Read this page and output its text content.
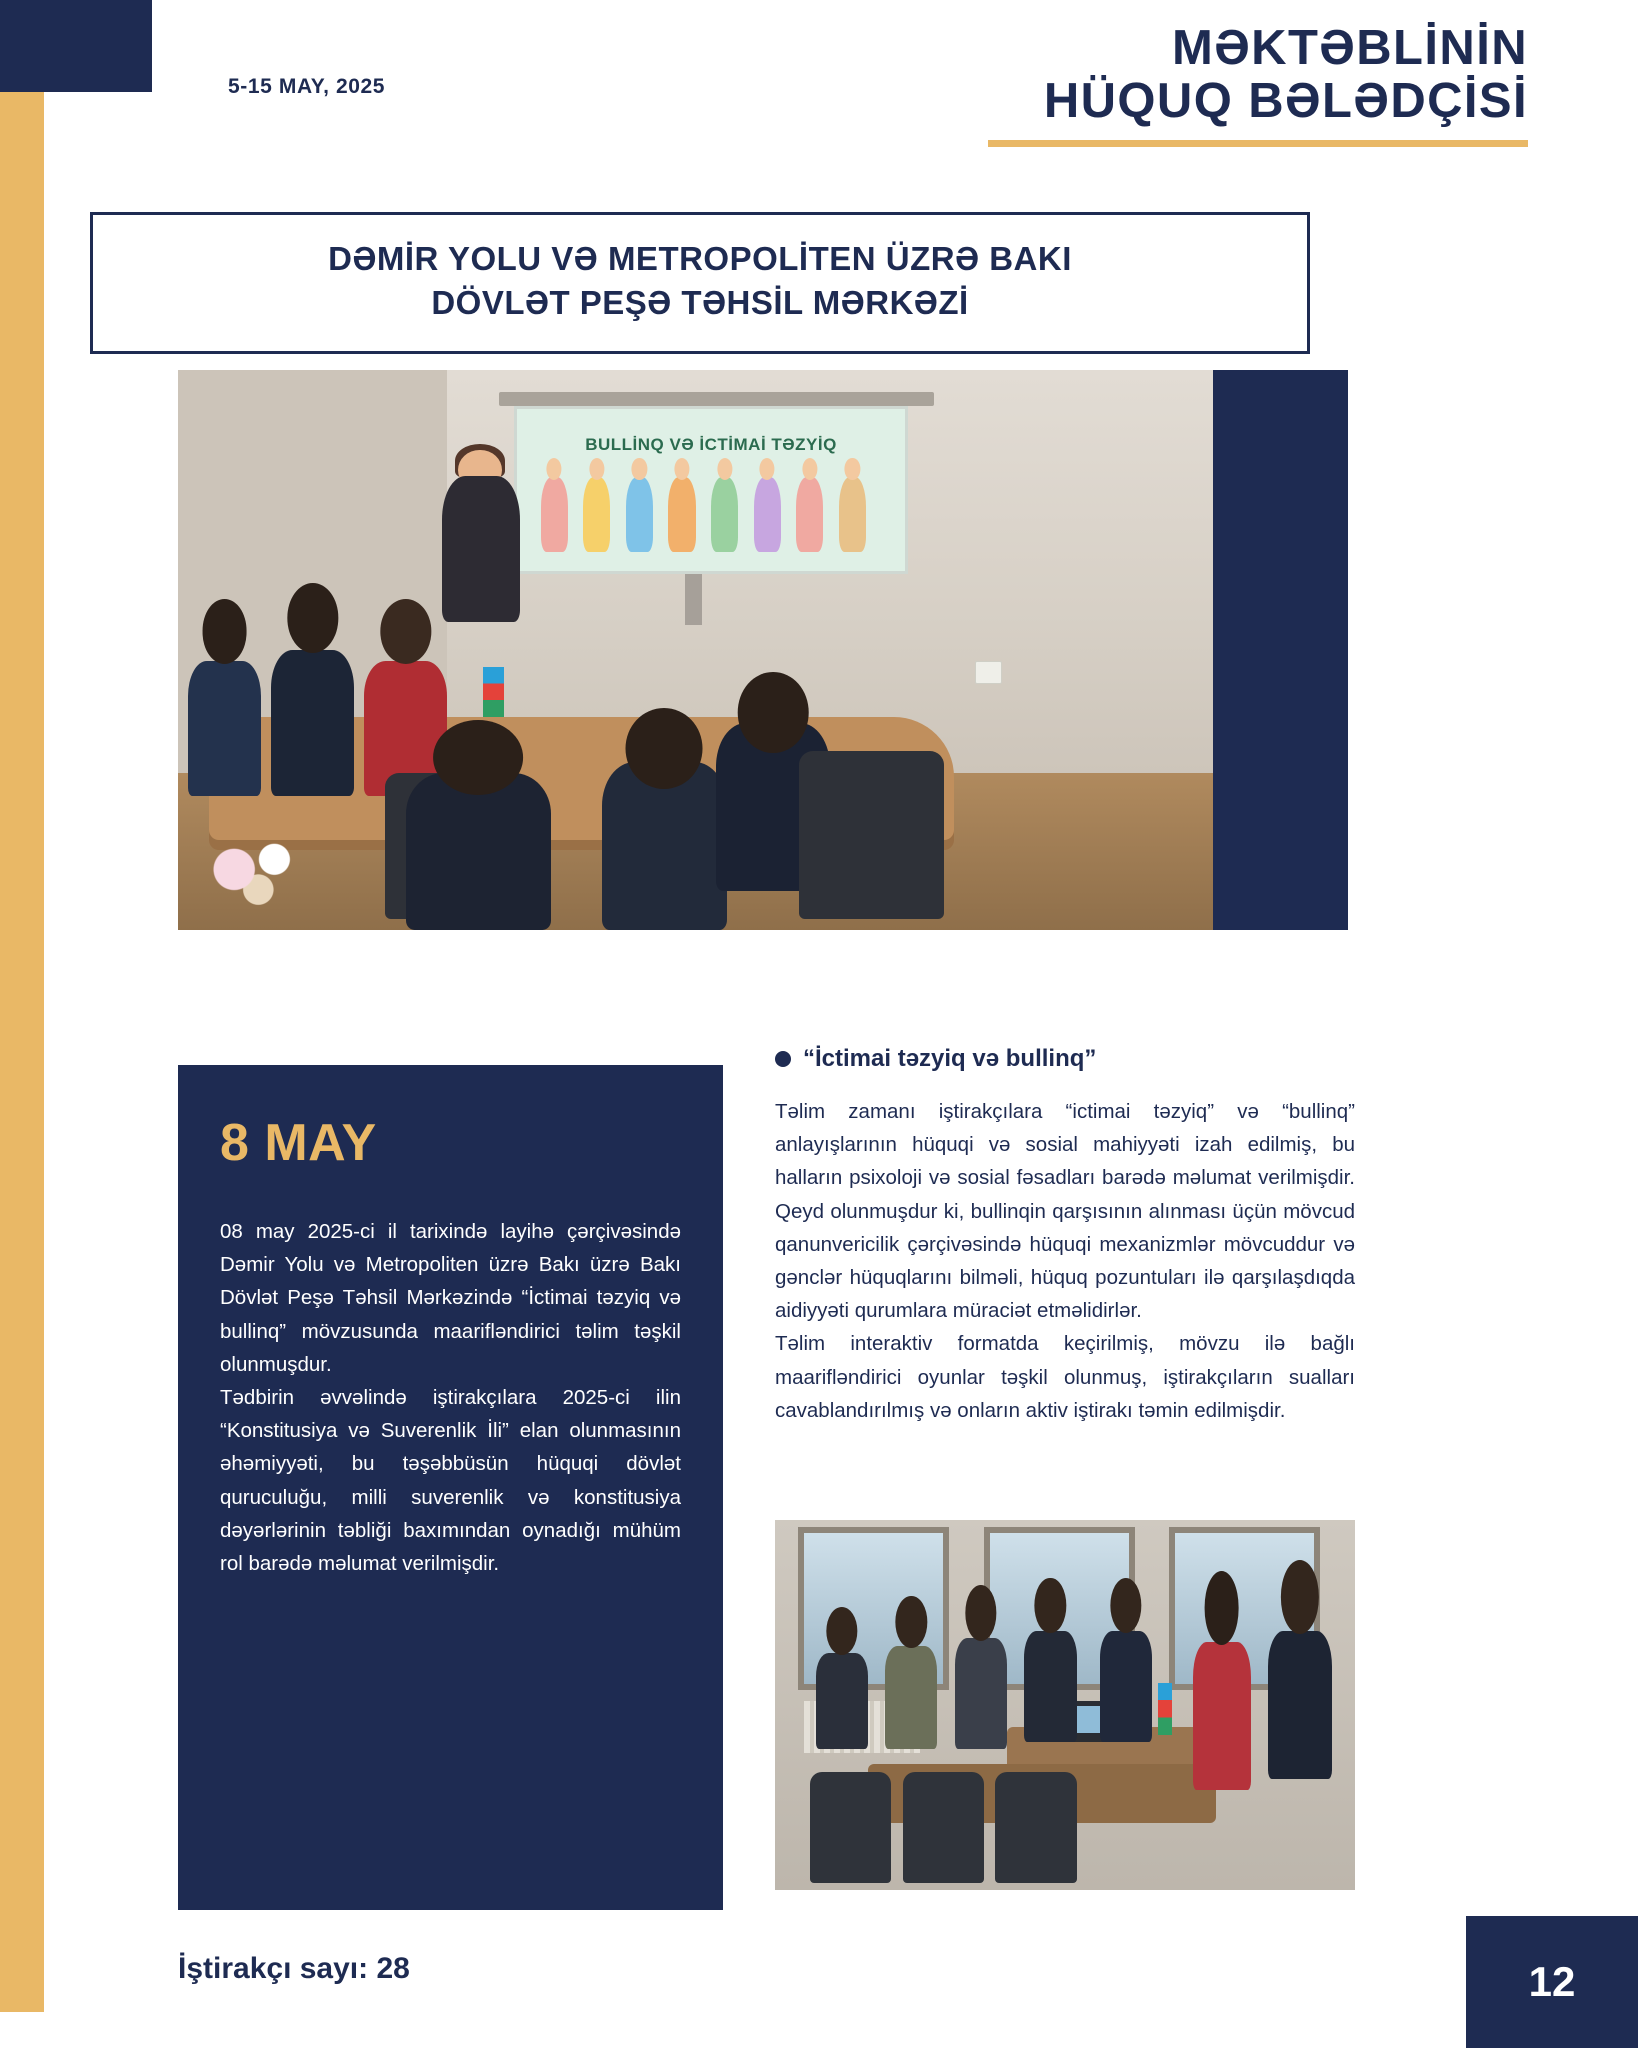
5-15 MAY, 2025
MƏKTƏBLİNİN
HÜQUQ BƏLƏDÇİSİ
DƏMİR YOLU VƏ METROPOLİTEN ÜZRƏ BAKI
DÖVLƏT PEŞƏ TƏHSİL MƏRKƏZİ
BULLİNQ VƏ İCTİMAİ TƏZYİQ
8 MAY

08 may 2025-ci il tarixində layihə çərçivəsində Dəmir Yolu və Metropoliten üzrə Bakı üzrə Bakı Dövlət Peşə Təhsil Mərkəzində “İctimai təzyiq və bullinq” mövzusunda maarifləndirici təlim təşkil olunmuşdur.

Tədbirin əvvəlində iştirakçılara 2025-ci ilin “Konstitusiya və Suverenlik İli” elan olunmasının əhəmiyyəti, bu təşəbbüsün hüquqi dövlət quruculuğu, milli suverenlik və konstitusiya dəyərlərinin təbliği baxımından oynadığı mühüm rol barədə məlumat verilmişdir.

“İctimai təzyiq və bullinq”

Təlim zamanı iştirakçılara “ictimai təzyiq” və “bullinq” anlayışlarının hüquqi və sosial mahiyyəti izah edilmiş, bu halların psixoloji və sosial fəsadları barədə məlumat verilmişdir. Qeyd olunmuşdur ki, bullinqin qarşısının alınması üçün mövcud qanunvericilik çərçivəsində hüquqi mexanizmlər mövcuddur və gənclər hüquqlarını bilməli, hüquq pozuntuları ilə qarşılaşdıqda aidiyyəti qurumlara müraciət etməlidirlər.

Təlim interaktiv formatda keçirilmiş, mövzu ilə bağlı maarifləndirici oyunlar təşkil olunmuş, iştirakçıların sualları cavablandırılmış və onların aktiv iştirakı təmin edilmişdir.

İştirakçı sayı: 28	12
